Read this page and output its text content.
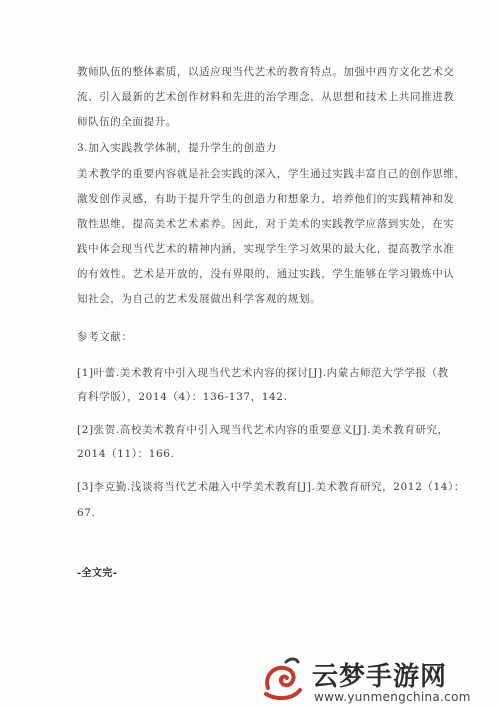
教师队伍的整体素质，以适应现当代艺术的教育特点。加强中西方文化艺术交
流、引入最新的艺术创作材料和先进的治学理念，从思想和技术上共同推进教
师队伍的全面提升。
3.加入实践教学体制，提升学生的创造力
美术教学的重要内容就是社会实践的深入，学生通过实践丰富自己的创作思维，
激发创作灵感，有助于提升学生的创造力和想象力，培养他们的实践精神和发
散性思维，提高美术艺术素养。因此，对于美术的实践教学应落到实处，在实
践中体会现当代艺术的精神内涵，实现学生学习效果的最大化，提高教学水准
的有效性。艺术是开放的，没有界限的，通过实践，学生能够在学习锻炼中认
知社会，为自己的艺术发展做出科学客观的规划。
参考文献：
[1]叶蕾.美术教育中引入现当代艺术内容的探讨[J].内蒙古师范大学学报（教
育科学版），2014（4）：136-137，142.
[2]张贺.高校美术教育中引入现当代艺术内容的重要意义[J].美术教育研究，
2014（11）：166.
[3]李克勤.浅谈将当代艺术融入中学美术教育[J].美术教育研究，2012（14）：
67.
-全文完-
云梦手游网
www.yunmengchina.com
